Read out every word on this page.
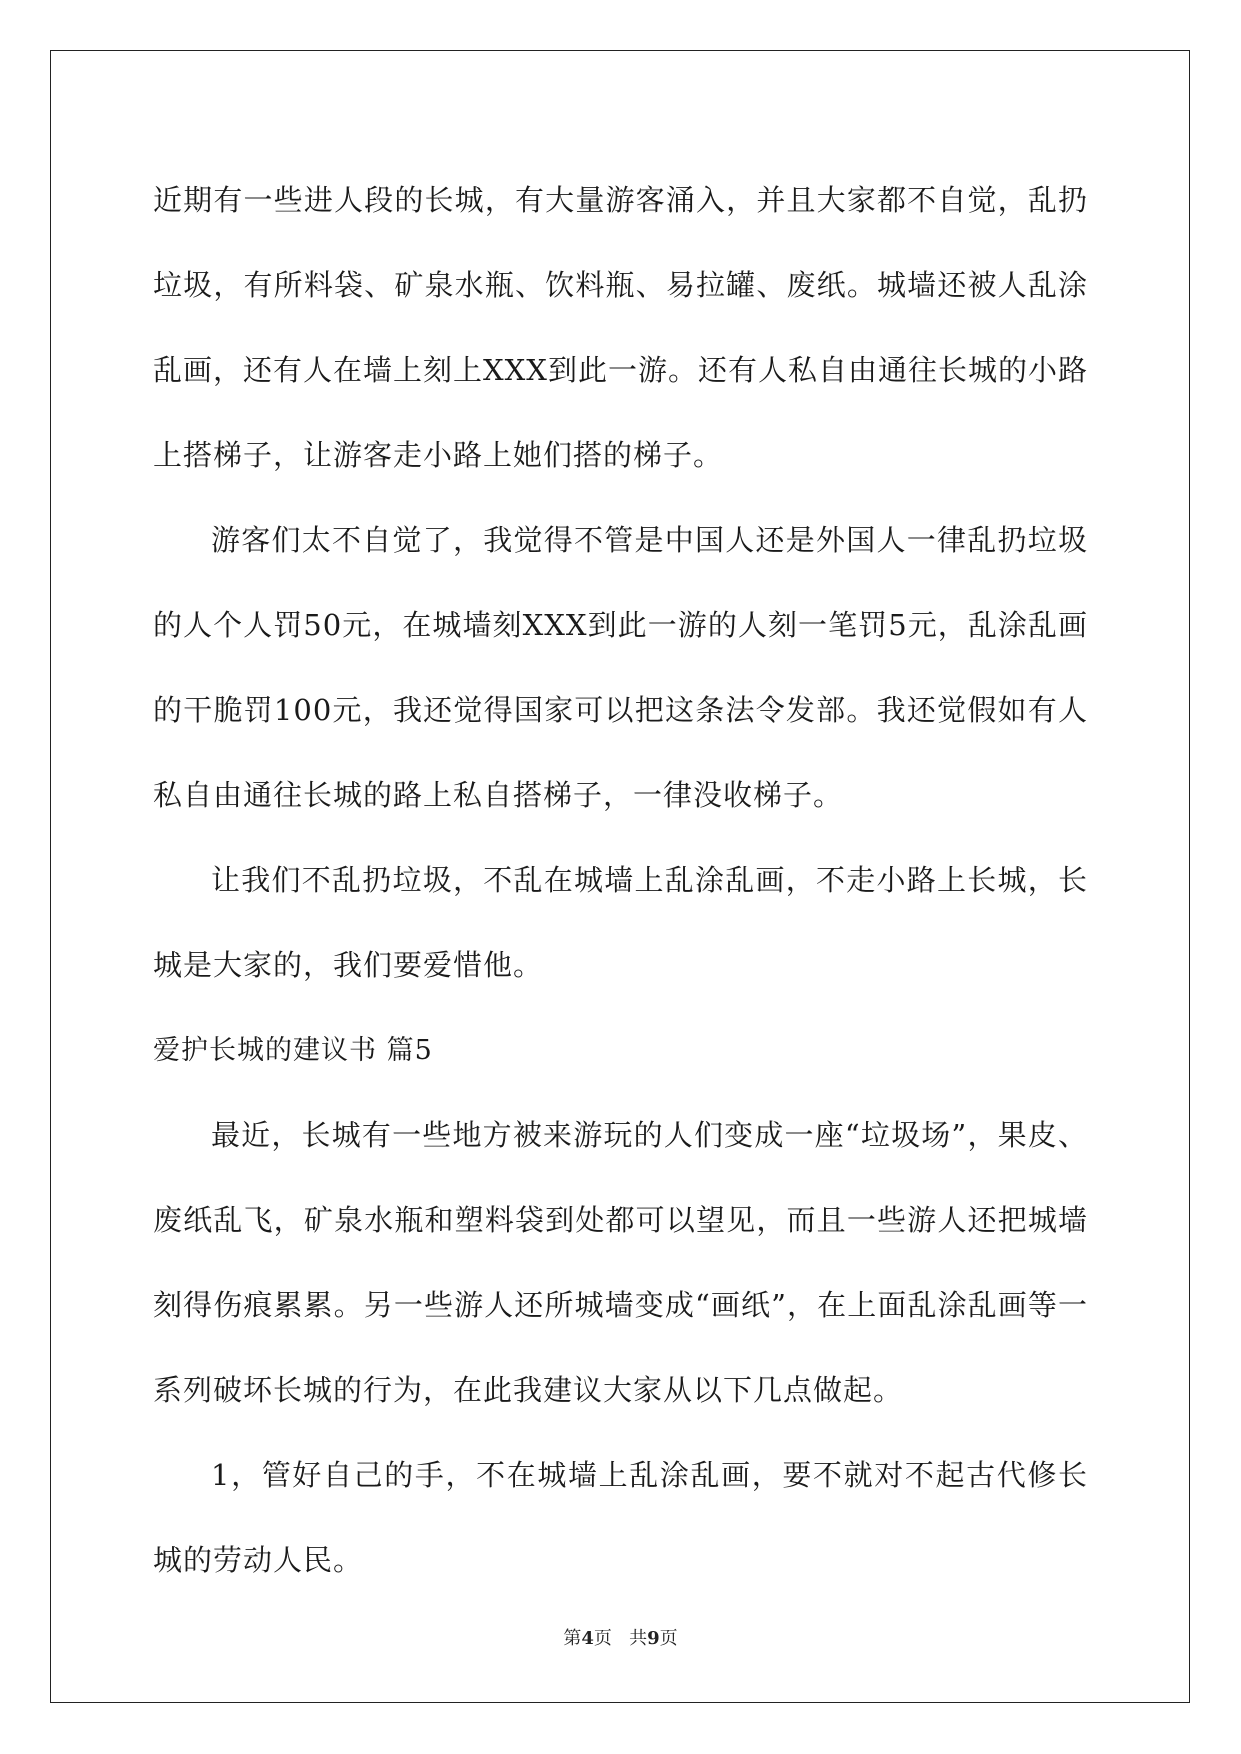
近期有一些进人段的长城，有大量游客涌入，并且大家都不自觉，乱扔垃圾，有所料袋、矿泉水瓶、饮料瓶、易拉罐、废纸。城墙还被人乱涂乱画，还有人在墙上刻上XXX到此一游。还有人私自由通往长城的小路上搭梯子，让游客走小路上她们搭的梯子。

游客们太不自觉了，我觉得不管是中国人还是外国人一律乱扔垃圾的人个人罚50元，在城墙刻XXX到此一游的人刻一笔罚5元，乱涂乱画的干脆罚100元，我还觉得国家可以把这条法令发部。我还觉假如有人私自由通往长城的路上私自搭梯子，一律没收梯子。

让我们不乱扔垃圾，不乱在城墙上乱涂乱画，不走小路上长城，长城是大家的，我们要爱惜他。

爱护长城的建议书 篇5

最近，长城有一些地方被来游玩的人们变成一座“垃圾场”，果皮、废纸乱飞，矿泉水瓶和塑料袋到处都可以望见，而且一些游人还把城墙刻得伤痕累累。另一些游人还所城墙变成“画纸”，在上面乱涂乱画等一系列破坏长城的行为，在此我建议大家从以下几点做起。

1，管好自己的手，不在城墙上乱涂乱画，要不就对不起古代修长城的劳动人民。

第4页 共9页
